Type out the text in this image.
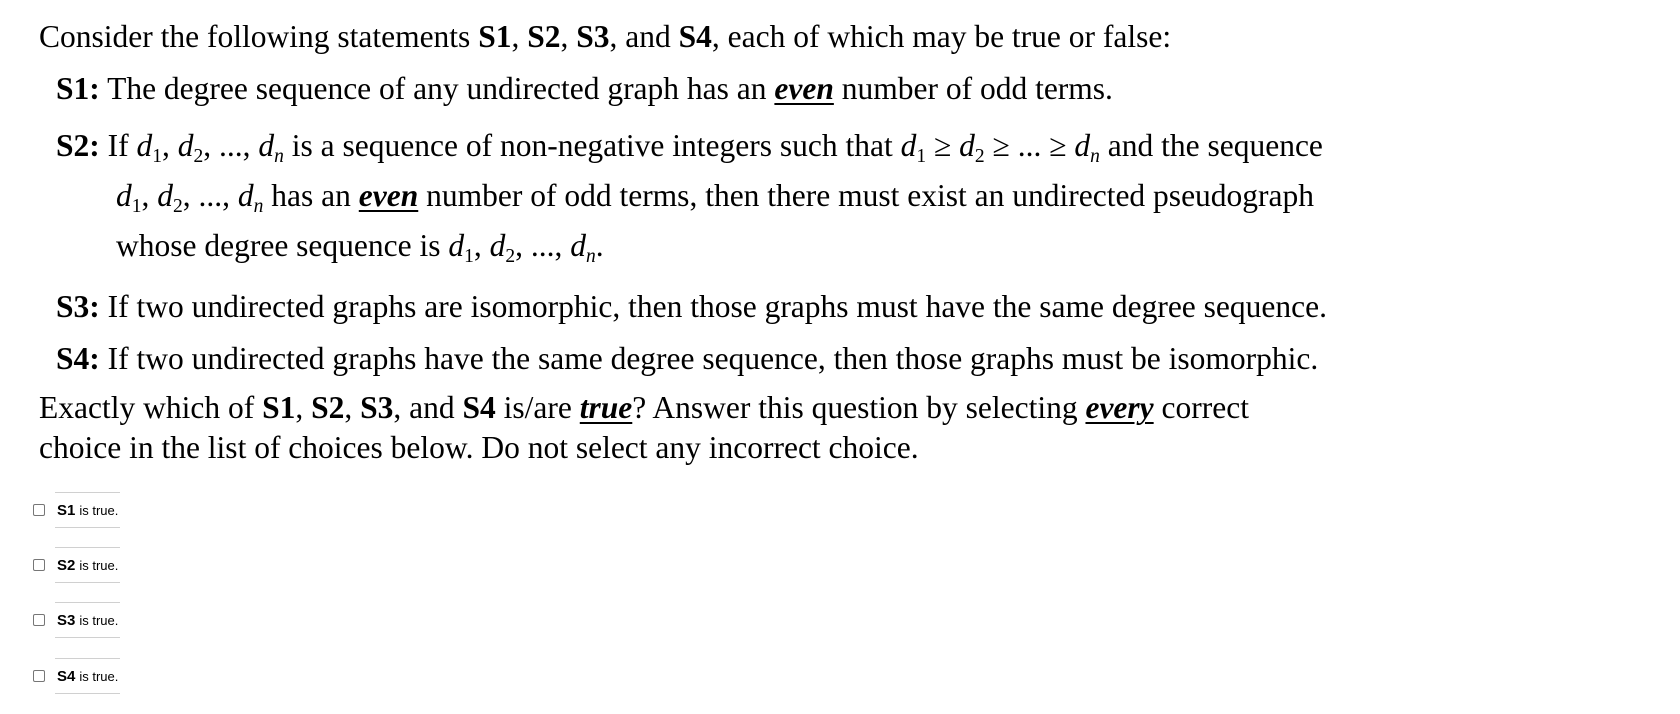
Consider the following statements S1, S2, S3, and S4, each of which may be true or false:
S1: The degree sequence of any undirected graph has an even number of odd terms.
S2: If $d_1$, $d_2$, ..., $d_n$ is a sequence of non-negative integers such that $d_1 \ge d_2$ ≥ ... ≥ $d_n$ and the sequence
$d_1$, $d_2$, ..., $d_n$ has an even number of odd terms, then there must exist an undirected pseudograph
whose degree sequence is $d_1$, $d_2$, ..., $d_n$.
S3: If two undirected graphs are isomorphic, then those graphs must have the same degree sequence.
S4: If two undirected graphs have the same degree sequence, then those graphs must be isomorphic.
Exactly which of S1, S2, S3, and S4 is/are true? Answer this question by selecting every correct
choice in the list of choices below. Do not select any incorrect choice.
S1 is true.
S2 is true.
S3 is true.
S4 is true.
